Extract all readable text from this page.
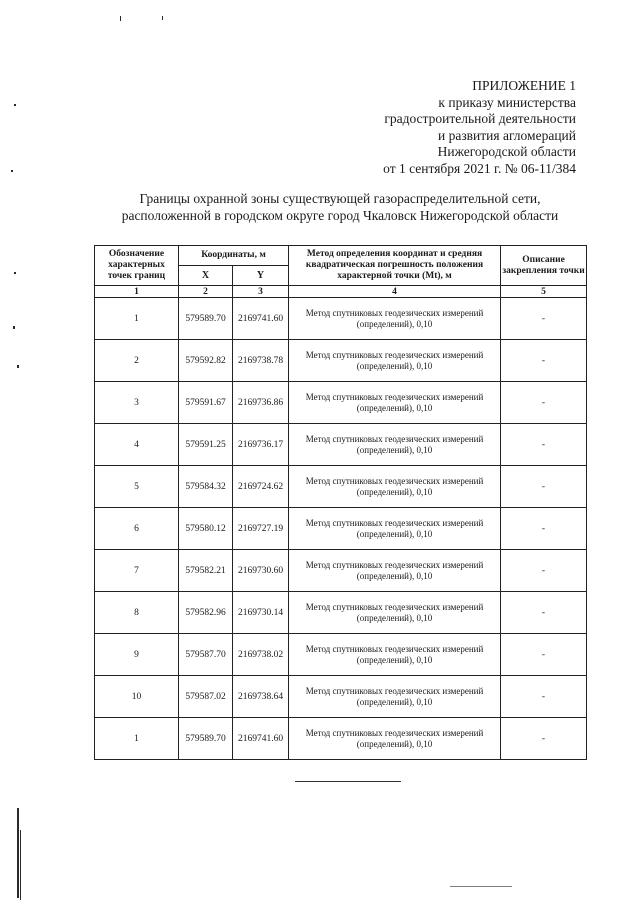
ПРИЛОЖЕНИЕ 1
к приказу министерства
градостроительной деятельности
и развития агломераций
Нижегородской области
от 1 сентября 2021 г. № 06-11/384
Границы охранной зоны существующей газораспределительной сети,
расположенной в городском округе город Чкаловск Нижегородской области
Обозначение характерных точек границ	Координаты, м		Метод определения координат и средняя квадратическая погрешность положения характерной точки (Mt), м	Описание закрепления точки
	X	Y		
1	2	3	4	5
1	579589.70	2169741.60	Метод спутниковых геодезических измерений (определений), 0,10	-
2	579592.82	2169738.78	Метод спутниковых геодезических измерений (определений), 0,10	-
3	579591.67	2169736.86	Метод спутниковых геодезических измерений (определений), 0,10	-
4	579591.25	2169736.17	Метод спутниковых геодезических измерений (определений), 0,10	-
5	579584.32	2169724.62	Метод спутниковых геодезических измерений (определений), 0,10	-
6	579580.12	2169727.19	Метод спутниковых геодезических измерений (определений), 0,10	-
7	579582.21	2169730.60	Метод спутниковых геодезических измерений (определений), 0,10	-
8	579582.96	2169730.14	Метод спутниковых геодезических измерений (определений), 0,10	-
9	579587.70	2169738.02	Метод спутниковых геодезических измерений (определений), 0,10	-
10	579587.02	2169738.64	Метод спутниковых геодезических измерений (определений), 0,10	-
1	579589.70	2169741.60	Метод спутниковых геодезических измерений (определений), 0,10	-
